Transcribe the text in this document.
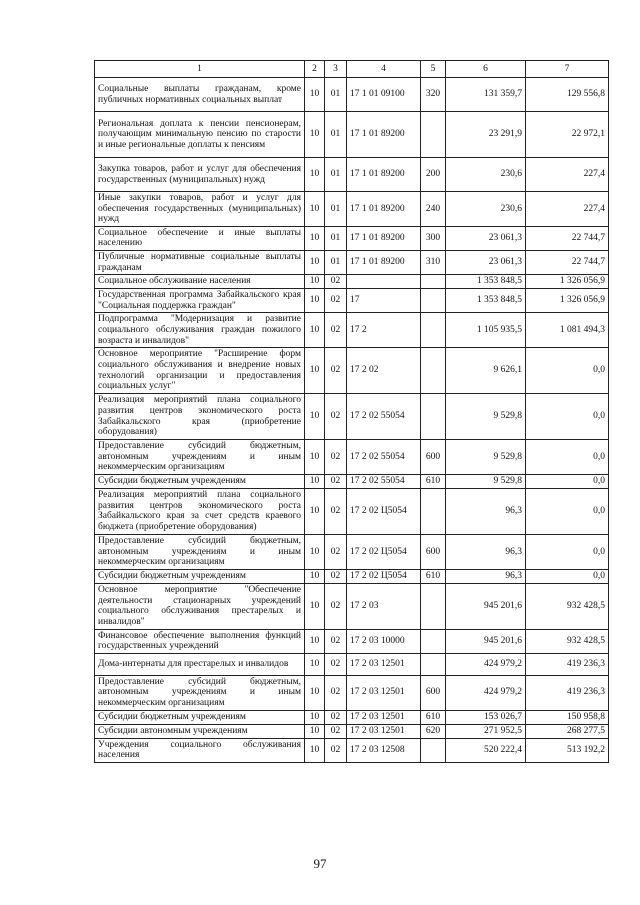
1	2	3	4	5	6	7
Социальные выплаты гражданам, кроме публичных нормативных социальных выплат	10	01	17 1 01 09100	320	131 359,7	129 556,8
Региональная доплата к пенсии пенсионерам, получающим минимальную пенсию по старости и иные региональные доплаты к пенсиям	10	01	17 1 01 89200		23 291,9	22 972,1
Закупка товаров, работ и услуг для обеспечения государственных (муниципальных) нужд	10	01	17 1 01 89200	200	230,6	227,4
Иные закупки товаров, работ и услуг для обеспечения государственных (муниципальных) нужд	10	01	17 1 01 89200	240	230,6	227,4
Социальное обеспечение и иные выплаты населению	10	01	17 1 01 89200	300	23 061,3	22 744,7
Публичные нормативные социальные выплаты гражданам	10	01	17 1 01 89200	310	23 061,3	22 744,7
Социальное обслуживание населения	10	02			1 353 848,5	1 326 056,9
Государственная программа Забайкальского края "Социальная поддержка граждан"	10	02	17		1 353 848,5	1 326 056,9
Подпрограмма "Модернизация и развитие социального обслуживания граждан пожилого возраста и инвалидов"	10	02	17 2		1 105 935,5	1 081 494,3
Основное мероприятие "Расширение форм социального обслуживания и внедрение новых технологий организации и предоставления социальных услуг"	10	02	17 2 02		9 626,1	0,0
Реализация мероприятий плана социального развития центров экономического роста Забайкальского края (приобретение оборудования)	10	02	17 2 02 55054		9 529,8	0,0
Предоставление субсидий бюджетным, автономным учреждениям и иным некоммерческим организациям	10	02	17 2 02 55054	600	9 529,8	0,0
Субсидии бюджетным учреждениям	10	02	17 2 02 55054	610	9 529,8	0,0
Реализация мероприятий плана социального развития центров экономического роста Забайкальского края за счет средств краевого бюджета (приобретение оборудования)	10	02	17 2 02 Ц5054		96,3	0,0
Предоставление субсидий бюджетным, автономным учреждениям и иным некоммерческим организациям	10	02	17 2 02 Ц5054	600	96,3	0,0
Субсидии бюджетным учреждениям	10	02	17 2 02 Ц5054	610	96,3	0,0
Основное мероприятие "Обеспечение деятельности стационарных учреждений социального обслуживания престарелых и инвалидов"	10	02	17 2 03		945 201,6	932 428,5
Финансовое обеспечение выполнения функций государственных учреждений	10	02	17 2 03 10000		945 201,6	932 428,5
Дома-интернаты для престарелых и инвалидов	10	02	17 2 03 12501		424 979,2	419 236,3
Предоставление субсидий бюджетным, автономным учреждениям и иным некоммерческим организациям	10	02	17 2 03 12501	600	424 979,2	419 236,3
Субсидии бюджетным учреждениям	10	02	17 2 03 12501	610	153 026,7	150 958,8
Субсидии автономным учреждениям	10	02	17 2 03 12501	620	271 952,5	268 277,5
Учреждения социального обслуживания населения	10	02	17 2 03 12508		520 222,4	513 192,2
97
